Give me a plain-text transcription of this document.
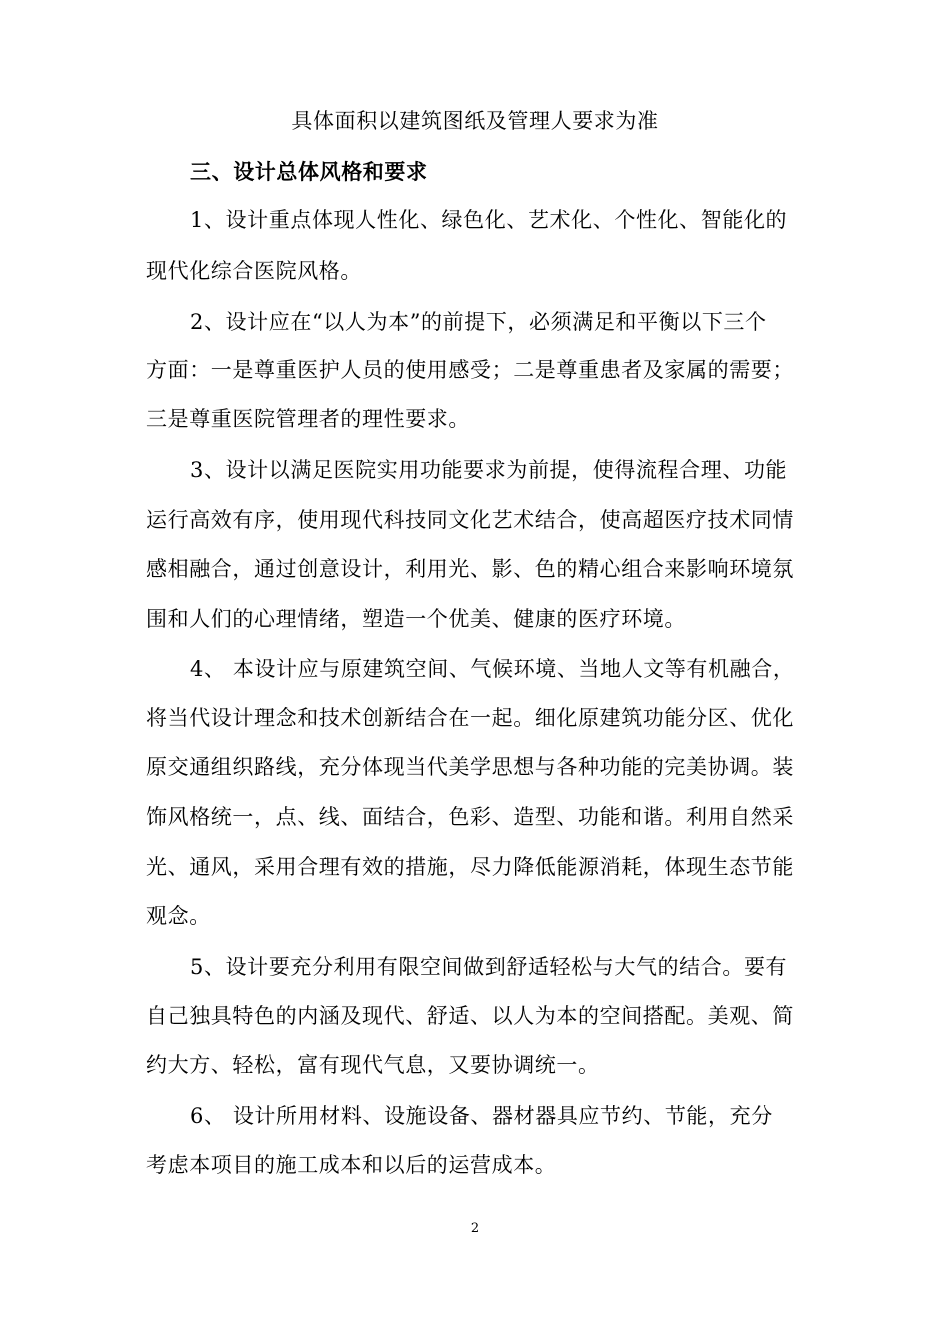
具体面积以建筑图纸及管理人要求为准
三、设计总体风格和要求
1、设计重点体现人性化、绿色化、艺术化、个性化、智能化的
现代化综合医院风格。
2、设计应在“以人为本”的前提下，必须满足和平衡以下三个
方面：一是尊重医护人员的使用感受；二是尊重患者及家属的需要；
三是尊重医院管理者的理性要求。
3、设计以满足医院实用功能要求为前提，使得流程合理、功能
运行高效有序，使用现代科技同文化艺术结合，使高超医疗技术同情
感相融合，通过创意设计，利用光、影、色的精心组合来影响环境氛
围和人们的心理情绪，塑造一个优美、健康的医疗环境。
4、 本设计应与原建筑空间、气候环境、当地人文等有机融合，
将当代设计理念和技术创新结合在一起。细化原建筑功能分区、优化
原交通组织路线，充分体现当代美学思想与各种功能的完美协调。装
饰风格统一，点、线、面结合，色彩、造型、功能和谐。利用自然采
光、通风，采用合理有效的措施，尽力降低能源消耗，体现生态节能
观念。
5、设计要充分利用有限空间做到舒适轻松与大气的结合。要有
自己独具特色的内涵及现代、舒适、以人为本的空间搭配。美观、简
约大方、轻松，富有现代气息，又要协调统一。
6、 设计所用材料、设施设备、器材器具应节约、节能，充分
考虑本项目的施工成本和以后的运营成本。
2
